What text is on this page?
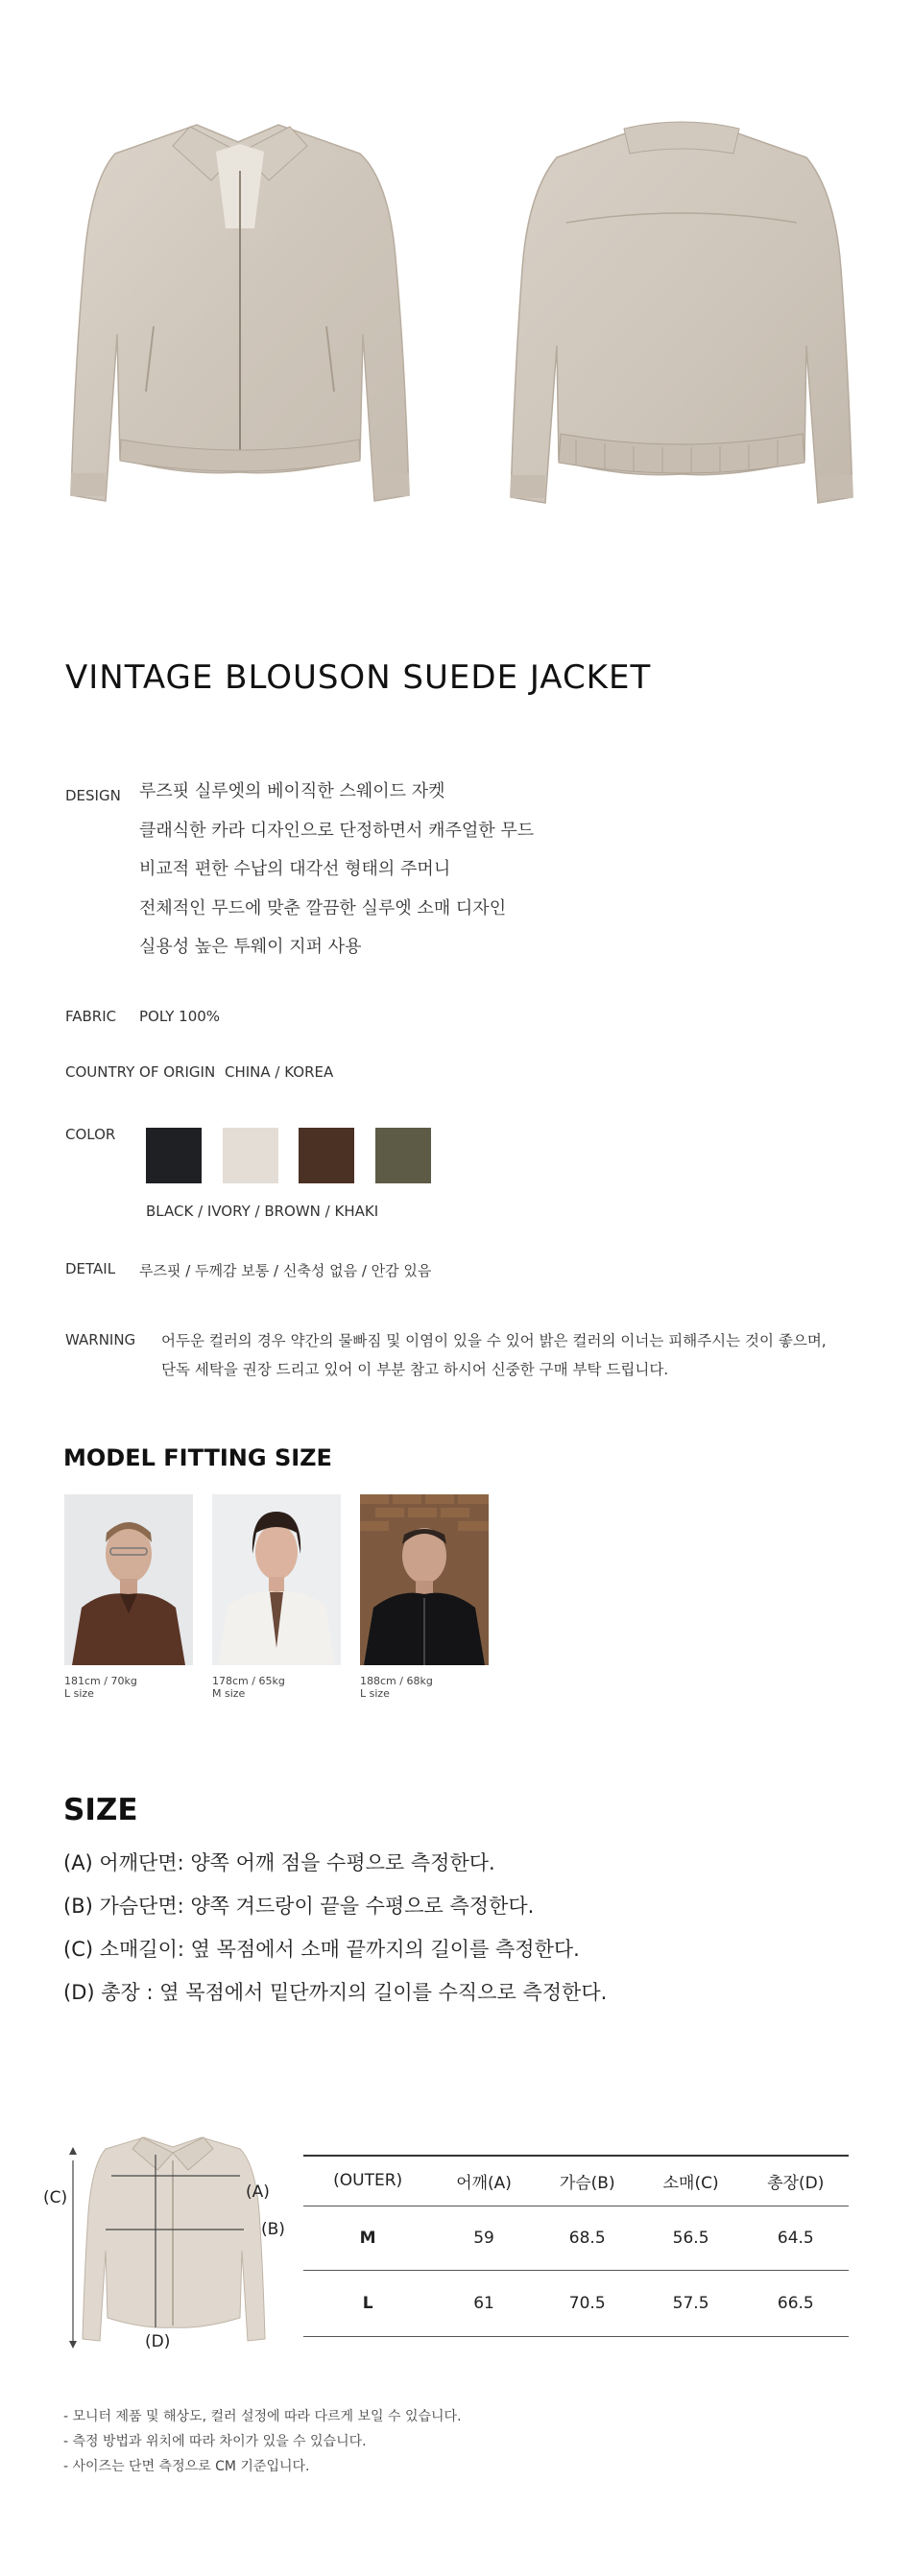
VINTAGE BLOUSON SUEDE JACKET
DESIGN 루즈핏 실루엣의 베이직한 스웨이드 자켓
클래식한 카라 디자인으로 단정하면서 캐주얼한 무드
비교적 편한 수납의 대각선 형태의 주머니
전체적인 무드에 맞춘 깔끔한 실루엣 소매 디자인
실용성 높은 투웨이 지퍼 사용
FABRIC POLY 100%
COUNTRY OF ORIGIN CHINA / KOREA
COLOR
BLACK / IVORY / BROWN / KHAKI
DETAIL 루즈핏 / 두께감 보통 / 신축성 없음 / 안감 있음
WARNING 어두운 컬러의 경우 약간의 물빠짐 및 이염이 있을 수 있어 밝은 컬러의 이너는 피해주시는 것이 좋으며, 단독 세탁을 권장 드리고 있어 이 부분 참고 하시어 신중한 구매 부탁 드립니다.
MODEL FITTING SIZE
181cm / 70kg
L size
178cm / 65kg
M size
188cm / 68kg
L size
SIZE
(A) 어깨단면: 양쪽 어깨 점을 수평으로 측정한다.
(B) 가슴단면: 양쪽 겨드랑이 끝을 수평으로 측정한다.
(C) 소매길이: 옆 목점에서 소매 끝까지의 길이를 측정한다.
(D) 총장 : 옆 목점에서 밑단까지의 길이를 수직으로 측정한다.
(C)	(A)
(B)
(D)
(OUTER)	어깨(A)	가슴(B)	소매(C)	총장(D)
M	59	68.5	56.5	64.5
L	61	70.5	57.5	66.5
- 모니터 제품 및 해상도, 컬러 설정에 따라 다르게 보일 수 있습니다.
- 측정 방법과 위치에 따라 차이가 있을 수 있습니다.
- 사이즈는 단면 측정으로 CM 기준입니다.
